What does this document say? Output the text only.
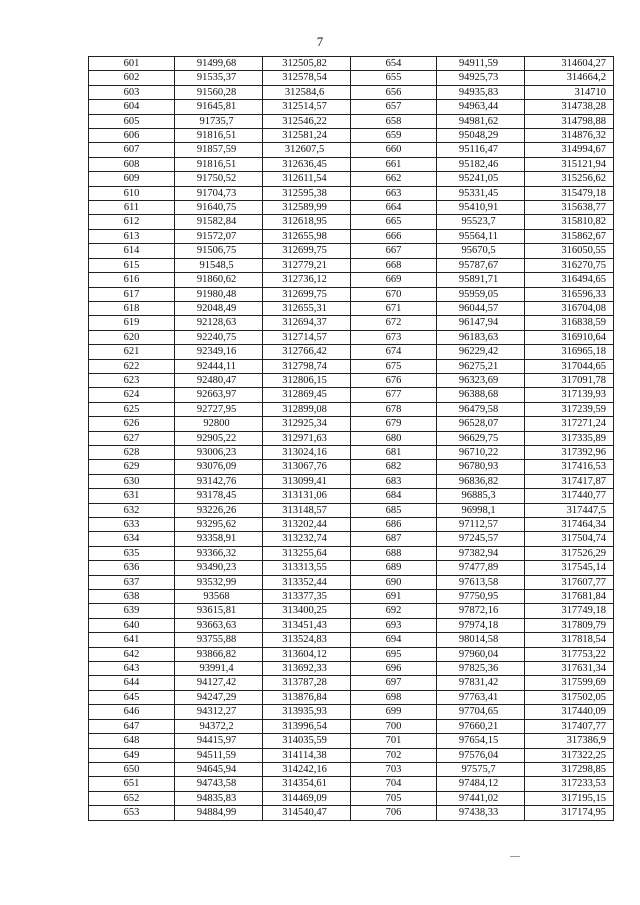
7
601	91499,68	312505,82	654	94911,59	314604,27
602	91535,37	312578,54	655	94925,73	314664,2
603	91560,28	312584,6	656	94935,83	314710
604	91645,81	312514,57	657	94963,44	314738,28
605	91735,7	312546,22	658	94981,62	314798,88
606	91816,51	312581,24	659	95048,29	314876,32
607	91857,59	312607,5	660	95116,47	314994,67
608	91816,51	312636,45	661	95182,46	315121,94
609	91750,52	312611,54	662	95241,05	315256,62
610	91704,73	312595,38	663	95331,45	315479,18
611	91640,75	312589,99	664	95410,91	315638,77
612	91582,84	312618,95	665	95523,7	315810,82
613	91572,07	312655,98	666	95564,11	315862,67
614	91506,75	312699,75	667	95670,5	316050,55
615	91548,5	312779,21	668	95787,67	316270,75
616	91860,62	312736,12	669	95891,71	316494,65
617	91980,48	312699,75	670	95959,05	316596,33
618	92048,49	312655,31	671	96044,57	316704,08
619	92128,63	312694,37	672	96147,94	316838,59
620	92240,75	312714,57	673	96183,63	316910,64
621	92349,16	312766,42	674	96229,42	316965,18
622	92444,11	312798,74	675	96275,21	317044,65
623	92480,47	312806,15	676	96323,69	317091,78
624	92663,97	312869,45	677	96388,68	317139,93
625	92727,95	312899,08	678	96479,58	317239,59
626	92800	312925,34	679	96528,07	317271,24
627	92905,22	312971,63	680	96629,75	317335,89
628	93006,23	313024,16	681	96710,22	317392,96
629	93076,09	313067,76	682	96780,93	317416,53
630	93142,76	313099,41	683	96836,82	317417,87
631	93178,45	313131,06	684	96885,3	317440,77
632	93226,26	313148,57	685	96998,1	317447,5
633	93295,62	313202,44	686	97112,57	317464,34
634	93358,91	313232,74	687	97245,57	317504,74
635	93366,32	313255,64	688	97382,94	317526,29
636	93490,23	313313,55	689	97477,89	317545,14
637	93532,99	313352,44	690	97613,58	317607,77
638	93568	313377,35	691	97750,95	317681,84
639	93615,81	313400,25	692	97872,16	317749,18
640	93663,63	313451,43	693	97974,18	317809,79
641	93755,88	313524,83	694	98014,58	317818,54
642	93866,82	313604,12	695	97960,04	317753,22
643	93991,4	313692,33	696	97825,36	317631,34
644	94127,42	313787,28	697	97831,42	317599,69
645	94247,29	313876,84	698	97763,41	317502,05
646	94312,27	313935,93	699	97704,65	317440,09
647	94372,2	313996,54	700	97660,21	317407,77
648	94415,97	314035,59	701	97654,15	317386,9
649	94511,59	314114,38	702	97576,04	317322,25
650	94645,94	314242,16	703	97575,7	317298,85
651	94743,58	314354,61	704	97484,12	317233,53
652	94835,83	314469,09	705	97441,02	317195,15
653	94884,99	314540,47	706	97438,33	317174,95
